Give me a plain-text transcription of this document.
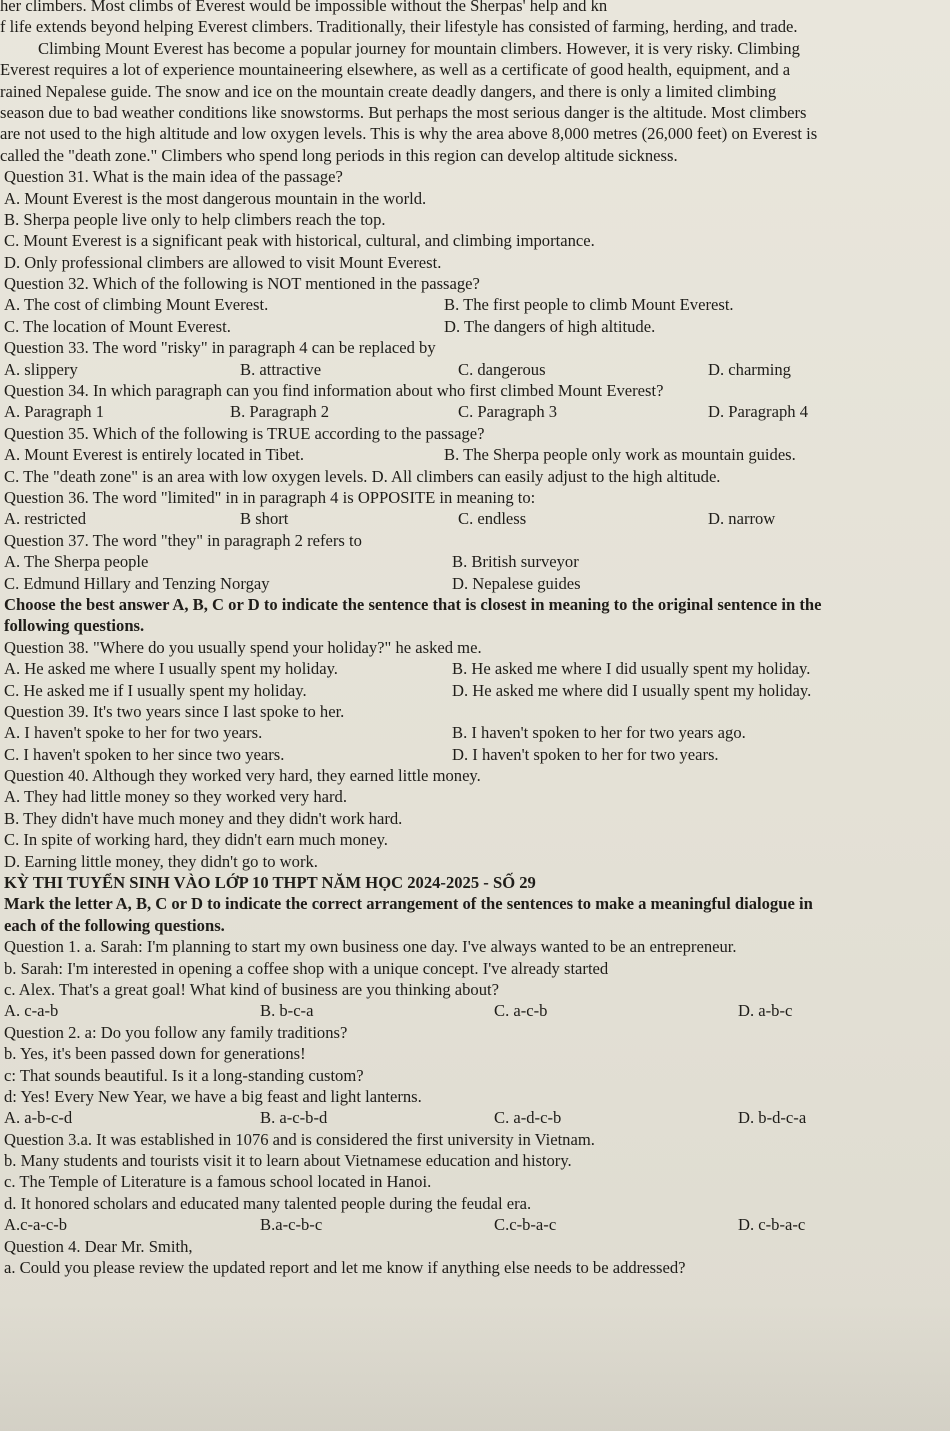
her climbers. Most climbs of Everest would be impossible without the Sherpas' help and kn
f life extends beyond helping Everest climbers. Traditionally, their lifestyle has consisted of farming, herding, and trade.
Climbing Mount Everest has become a popular journey for mountain climbers. However, it is very risky. Climbing
Everest requires a lot of experience mountaineering elsewhere, as well as a certificate of good health, equipment, and a
rained Nepalese guide. The snow and ice on the mountain create deadly dangers, and there is only a limited climbing
season due to bad weather conditions like snowstorms. But perhaps the most serious danger is the altitude. Most climbers
are not used to the high altitude and low oxygen levels. This is why the area above 8,000 metres (26,000 feet) on Everest is
called the "death zone." Climbers who spend long periods in this region can develop altitude sickness.
Question 31. What is the main idea of the passage?
A. Mount Everest is the most dangerous mountain in the world.
B. Sherpa people live only to help climbers reach the top.
C. Mount Everest is a significant peak with historical, cultural, and climbing importance.
D. Only professional climbers are allowed to visit Mount Everest.
Question 32. Which of the following is NOT mentioned in the passage?
A. The cost of climbing Mount Everest.	B. The first people to climb Mount Everest.
C. The location of Mount Everest.	D. The dangers of high altitude.
Question 33. The word "risky" in paragraph 4 can be replaced by
A. slippery	B. attractive	C. dangerous	D. charming
Question 34. In which paragraph can you find information about who first climbed Mount Everest?
A. Paragraph 1	B. Paragraph 2	C. Paragraph 3	D. Paragraph 4
Question 35. Which of the following is TRUE according to the passage?
A. Mount Everest is entirely located in Tibet.	B. The Sherpa people only work as mountain guides.
C. The "death zone" is an area with low oxygen levels. D. All climbers can easily adjust to the high altitude.
Question 36. The word "limited" in in paragraph 4 is OPPOSITE in meaning to:
A. restricted	B short	C. endless	D. narrow
Question 37. The word "they" in paragraph 2 refers to
A. The Sherpa people	B. British surveyor
C. Edmund Hillary and Tenzing Norgay	D. Nepalese guides
Choose the best answer A, B, C or D to indicate the sentence that is closest in meaning to the original sentence in the
following questions.
Question 38. "Where do you usually spend your holiday?" he asked me.
A. He asked me where I usually spent my holiday.	B. He asked me where I did usually spent my holiday.
C. He asked me if I usually spent my holiday.	D. He asked me where did I usually spent my holiday.
Question 39. It's two years since I last spoke to her.
A. I haven't spoke to her for two years.	B. I haven't spoken to her for two years ago.
C. I haven't spoken to her since two years.	D. I haven't spoken to her for two years.
Question 40. Although they worked very hard, they earned little money.
A. They had little money so they worked very hard.
B. They didn't have much money and they didn't work hard.
C. In spite of working hard, they didn't earn much money.
D. Earning little money, they didn't go to work.
KỲ THI TUYỂN SINH VÀO LỚP 10 THPT NĂM HỌC 2024-2025 - SỐ 29
Mark the letter A, B, C or D to indicate the correct arrangement of the sentences to make a meaningful dialogue in
each of the following questions.
Question 1. a. Sarah: I'm planning to start my own business one day. I've always wanted to be an entrepreneur.
b. Sarah: I'm interested in opening a coffee shop with a unique concept. I've already started
c. Alex. That's a great goal! What kind of business are you thinking about?
A. c-a-b	B. b-c-a	C. a-c-b	D. a-b-c
Question 2. a: Do you follow any family traditions?
b. Yes, it's been passed down for generations!
c: That sounds beautiful. Is it a long-standing custom?
d: Yes! Every New Year, we have a big feast and light lanterns.
A. a-b-c-d	B. a-c-b-d	C. a-d-c-b	D. b-d-c-a
Question 3.a. It was established in 1076 and is considered the first university in Vietnam.
b. Many students and tourists visit it to learn about Vietnamese education and history.
c. The Temple of Literature is a famous school located in Hanoi.
d. It honored scholars and educated many talented people during the feudal era.
A.c-a-c-b	B.a-c-b-c	C.c-b-a-c	D. c-b-a-c
Question 4. Dear Mr. Smith,
a. Could you please review the updated report and let me know if anything else needs to be addressed?
